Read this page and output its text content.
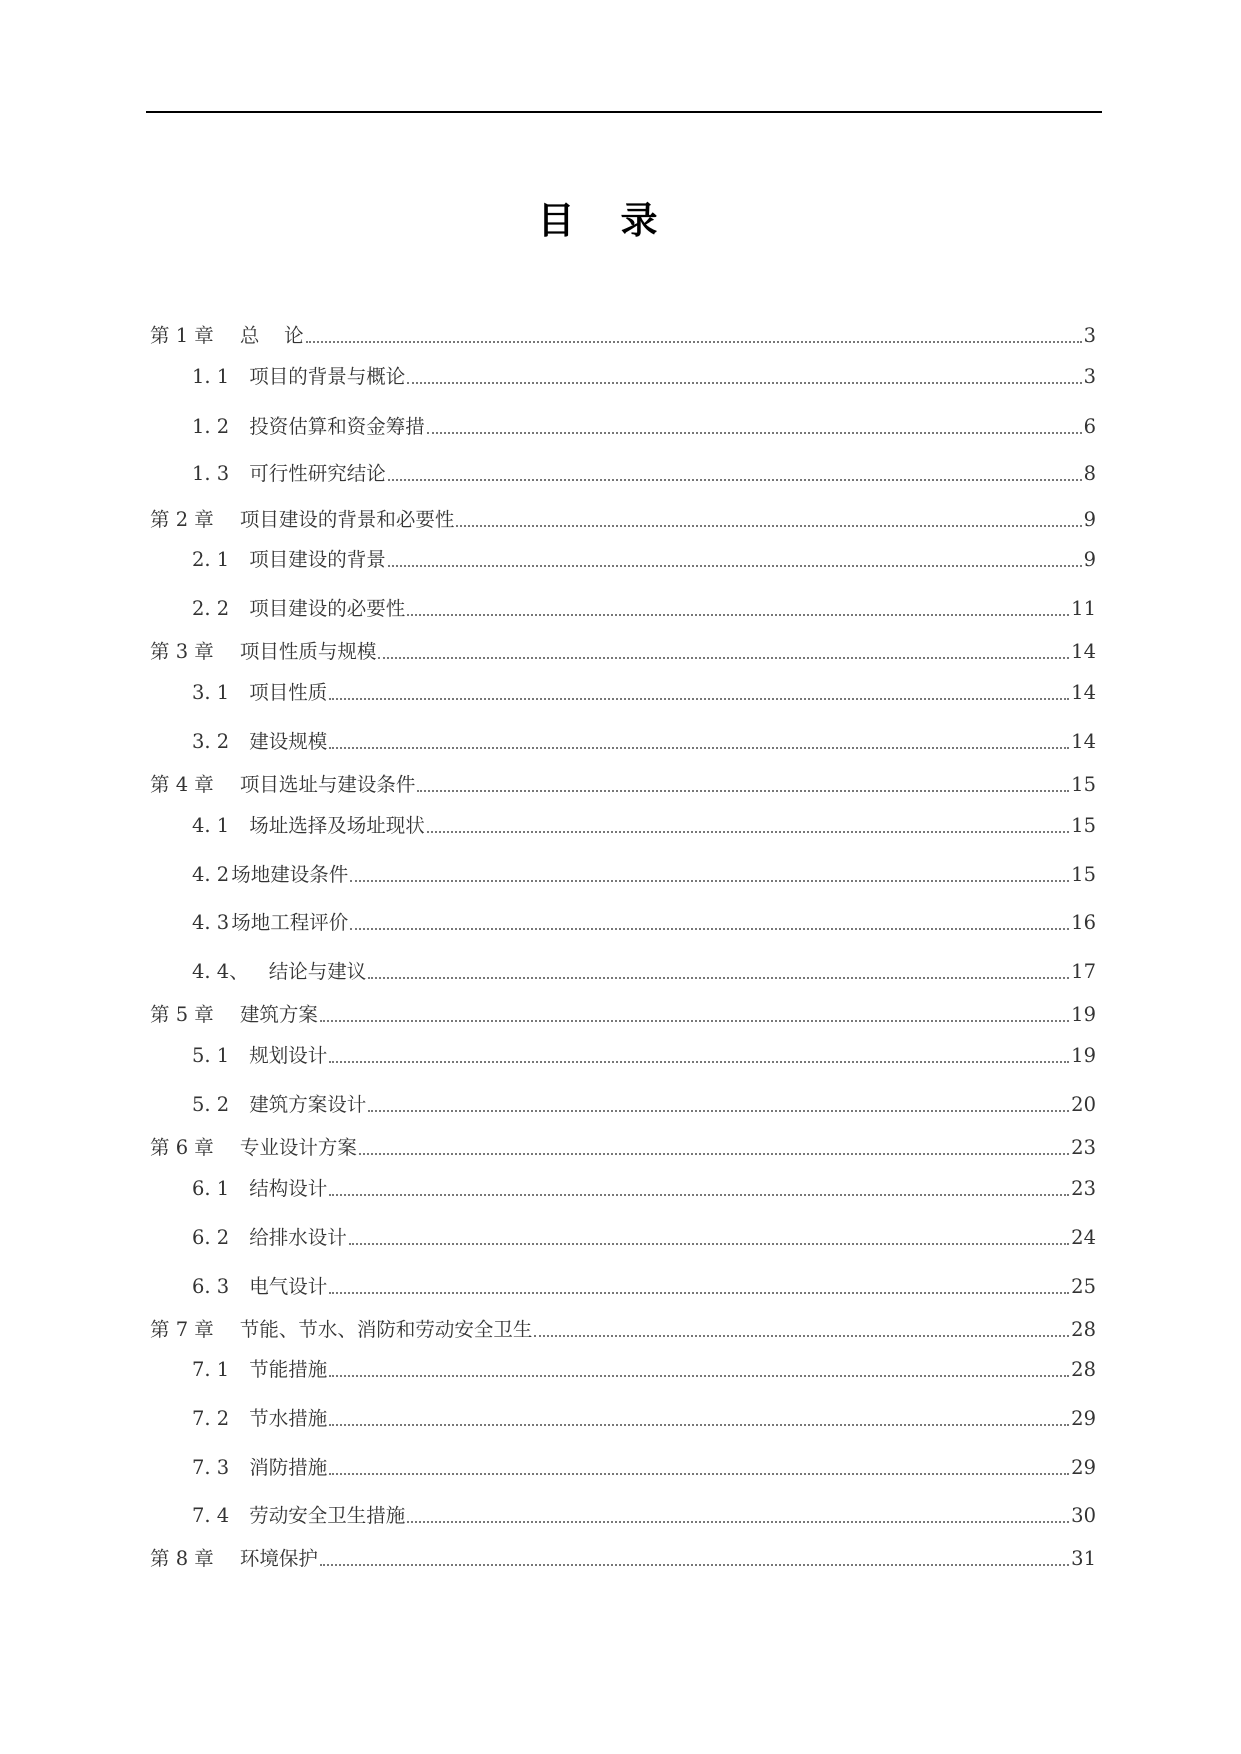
目录
第 1 章 总    论	3
1. 1 项目的背景与概论	3
1. 2 投资估算和资金筹措	6
1. 3 可行性研究结论	8
第 2 章 项目建设的背景和必要性	9
2. 1 项目建设的背景	9
2. 2 项目建设的必要性	11
第 3 章 项目性质与规模	14
3. 1 项目性质	14
3. 2 建设规模	14
第 4 章 项目选址与建设条件	15
4. 1 场址选择及场址现状	15
4. 2 场地建设条件	15
4. 3 场地工程评价	16
4. 4、 结论与建议	17
第 5 章 建筑方案	19
5. 1 规划设计	19
5. 2 建筑方案设计	20
第 6 章 专业设计方案	23
6. 1 结构设计	23
6. 2 给排水设计	24
6. 3 电气设计	25
第 7 章 节能、节水、消防和劳动安全卫生	28
7. 1 节能措施	28
7. 2 节水措施	29
7. 3 消防措施	29
7. 4 劳动安全卫生措施	30
第 8 章 环境保护	31
